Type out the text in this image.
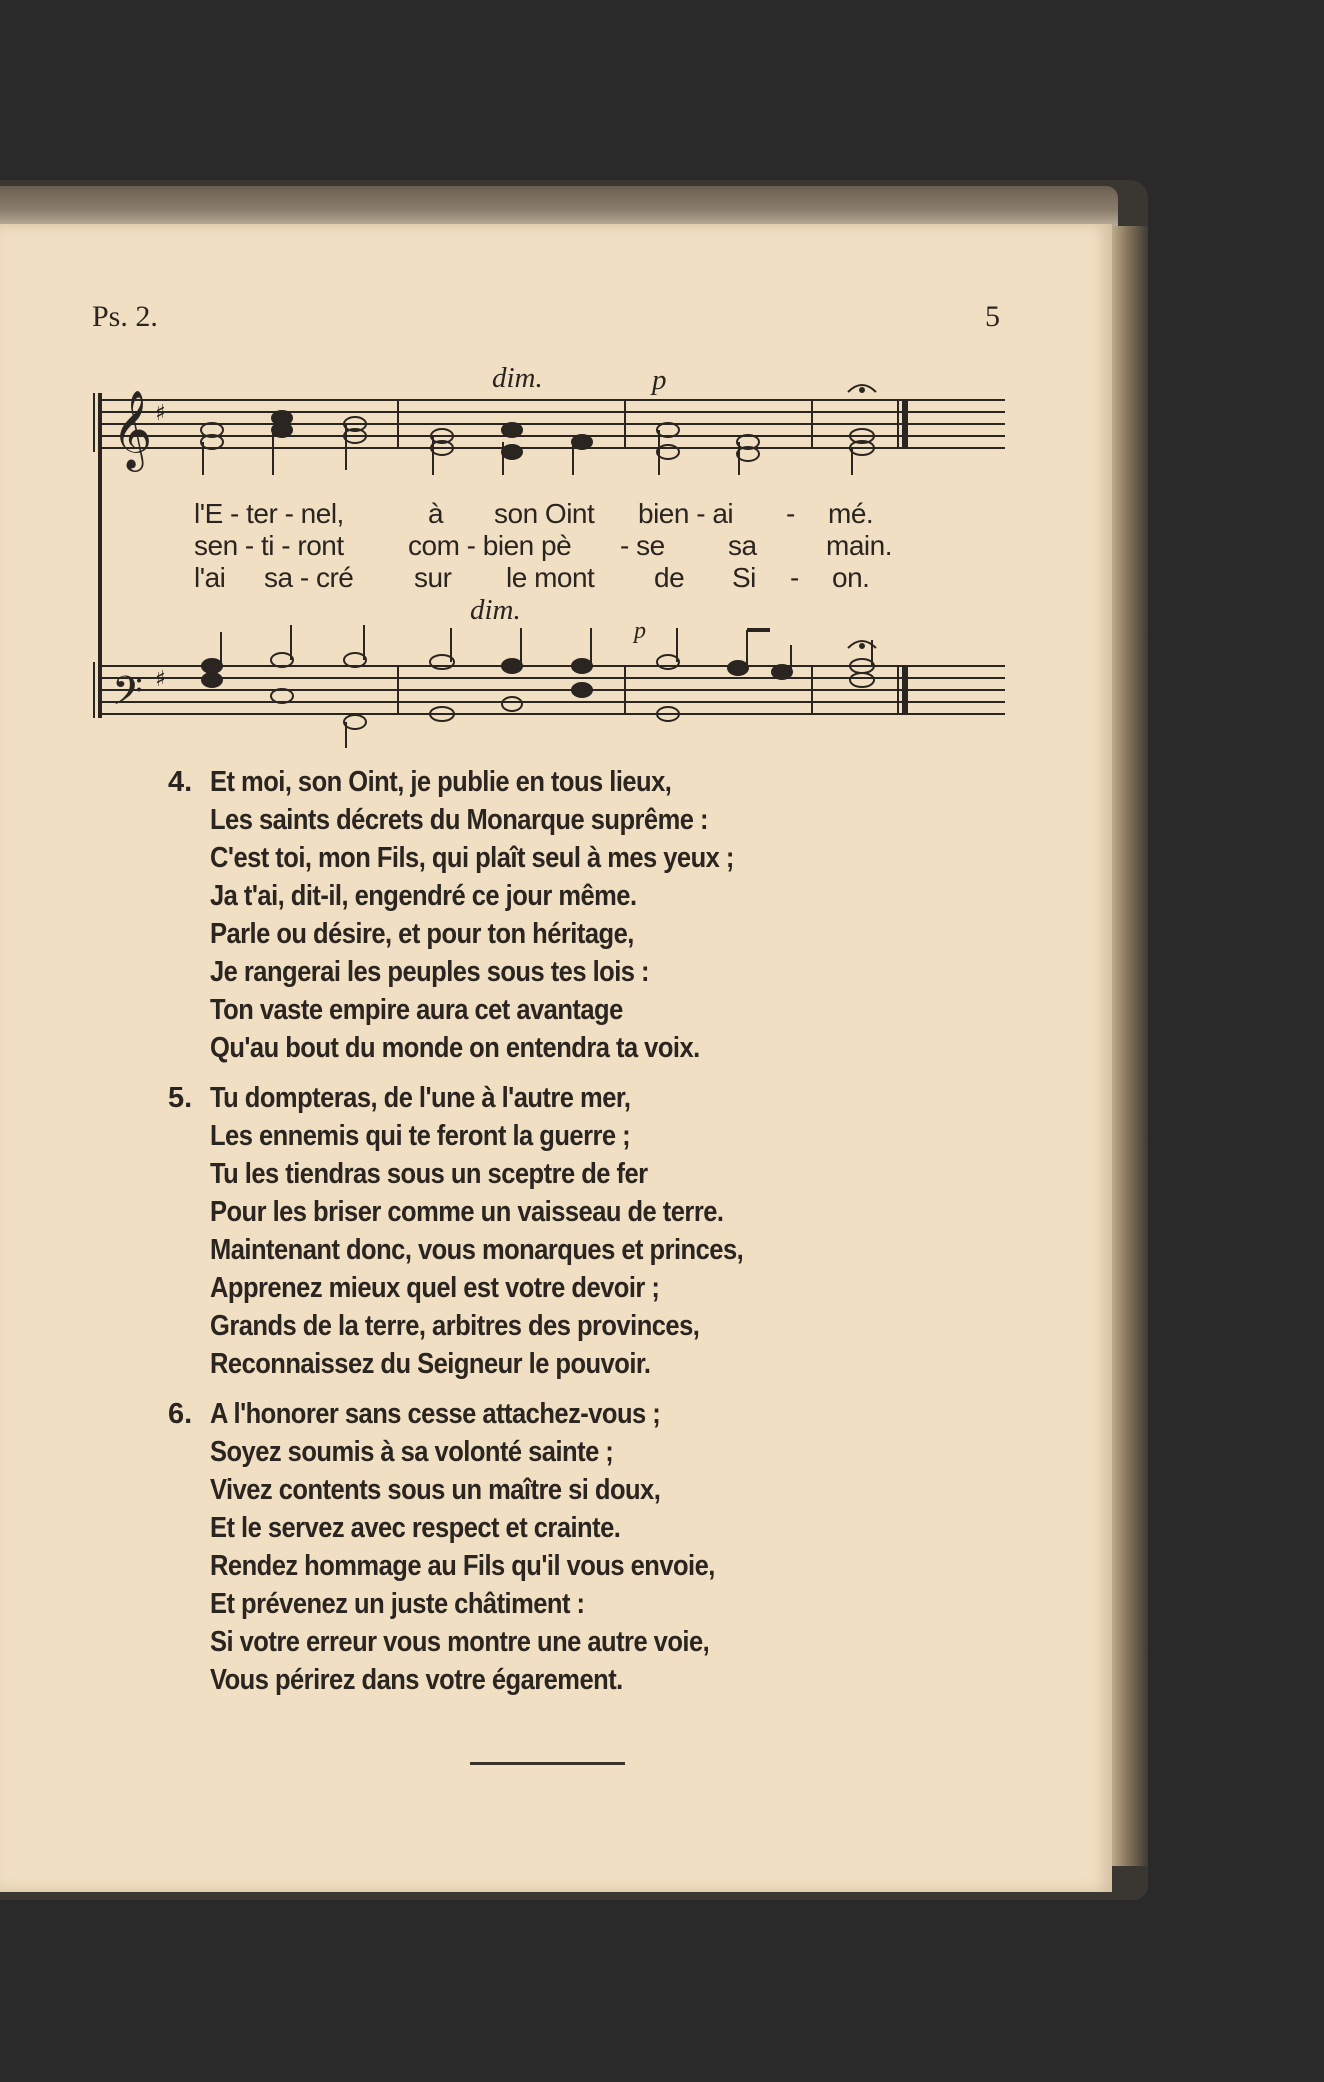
Ps. 2.	5
𝄞
𝄢
♯
♯
dim.	p
dim.
p
l'E - ter - nel,	à son Oint bien - ai - mé.
sen - ti - ront com - bien pè - se sa main.
l'ai sa - cré sur le mont de Si - on.
4. Et moi, son Oint, je publie en tous lieux,
Les saints décrets du Monarque suprême :
C'est toi, mon Fils, qui plaît seul à mes yeux ;
Ja t'ai, dit-il, engendré ce jour même.
Parle ou désire, et pour ton héritage,
Je rangerai les peuples sous tes lois :
Ton vaste empire aura cet avantage
Qu'au bout du monde on entendra ta voix.
5. Tu dompteras, de l'une à l'autre mer,
Les ennemis qui te feront la guerre ;
Tu les tiendras sous un sceptre de fer
Pour les briser comme un vaisseau de terre.
Maintenant donc, vous monarques et princes,
Apprenez mieux quel est votre devoir ;
Grands de la terre, arbitres des provinces,
Reconnaissez du Seigneur le pouvoir.
6. A l'honorer sans cesse attachez-vous ;
Soyez soumis à sa volonté sainte ;
Vivez contents sous un maître si doux,
Et le servez avec respect et crainte.
Rendez hommage au Fils qu'il vous envoie,
Et prévenez un juste châtiment :
Si votre erreur vous montre une autre voie,
Vous périrez dans votre égarement.
